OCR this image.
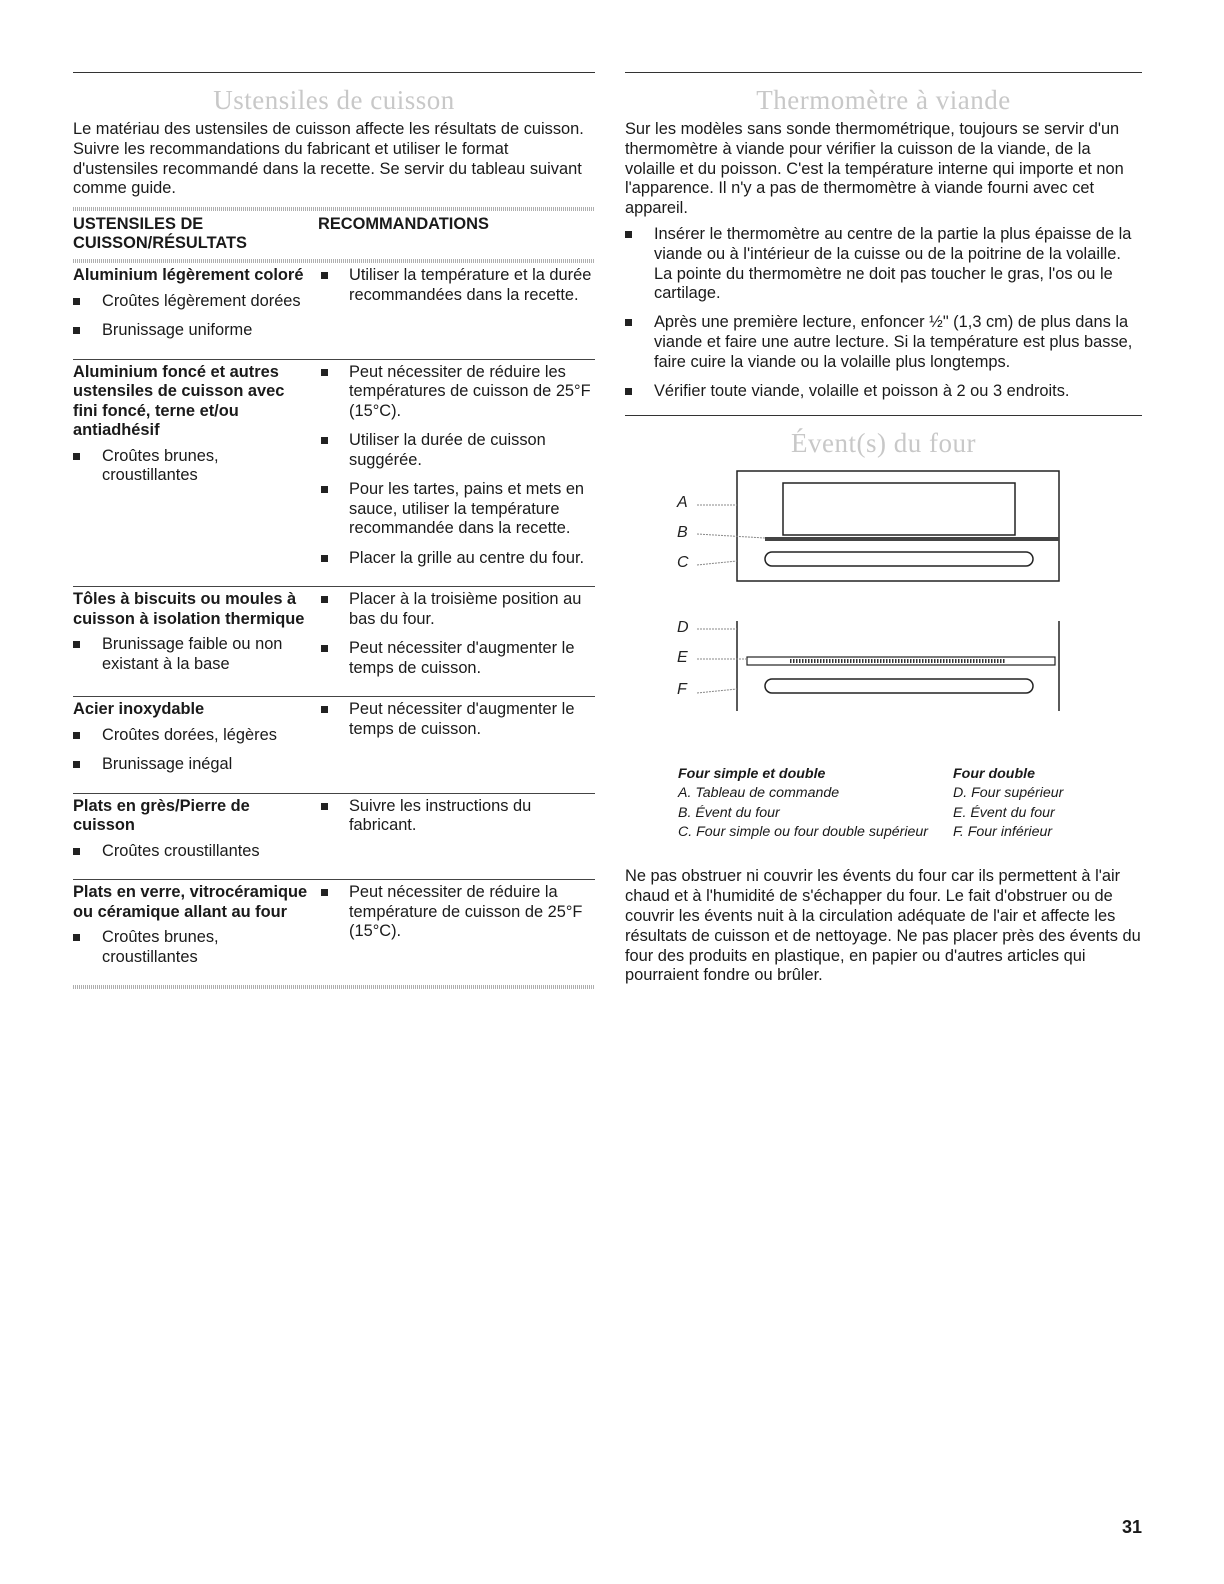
Ustensiles de cuisson

Le matériau des ustensiles de cuisson affecte les résultats de cuisson. Suivre les recommandations du fabricant et utiliser le format d'ustensiles recommandé dans la recette. Se servir du tableau suivant comme guide.

USTENSILES DE CUISSON/RÉSULTATS
RECOMMANDATIONS

Aluminium légèrement coloré

Croûtes légèrement dorées
Brunissage uniforme
Utiliser la température et la durée recommandées dans la recette.

Aluminium foncé et autres ustensiles de cuisson avec fini foncé, terne et/ou antiadhésif

Croûtes brunes, croustillantes
Peut nécessiter de réduire les températures de cuisson de 25°F (15°C).
Utiliser la durée de cuisson suggérée.
Pour les tartes, pains et mets en sauce, utiliser la température recommandée dans la recette.
Placer la grille au centre du four.

Tôles à biscuits ou moules à cuisson à isolation thermique

Brunissage faible ou non existant à la base
Placer à la troisième position au bas du four.
Peut nécessiter d'augmenter le temps de cuisson.

Acier inoxydable

Croûtes dorées, légères
Brunissage inégal
Peut nécessiter d'augmenter le temps de cuisson.

Plats en grès/Pierre de cuisson

Croûtes croustillantes
Suivre les instructions du fabricant.

Plats en verre, vitrocéramique ou céramique allant au four

Croûtes brunes, croustillantes
Peut nécessiter de réduire la température de cuisson de 25°F (15°C).
Thermomètre à viande

Sur les modèles sans sonde thermométrique, toujours se servir d'un thermomètre à viande pour vérifier la cuisson de la viande, de la volaille et du poisson. C'est la température interne qui importe et non l'apparence. Il n'y a pas de thermomètre à viande fourni avec cet appareil.

Insérer le thermomètre au centre de la partie la plus épaisse de la viande ou à l'intérieur de la cuisse ou de la poitrine de la volaille. La pointe du thermomètre ne doit pas toucher le gras, l'os ou le cartilage.
Après une première lecture, enfoncer ½" (1,3 cm) de plus dans la viande et faire une autre lecture. Si la température est plus basse, faire cuire la viande ou la volaille plus longtemps.
Vérifier toute viande, volaille et poisson à 2 ou 3 endroits.
Évent(s) du four
A
B
C
D
E
F

Four simple et double

A. Tableau de commande

B. Évent du four

C. Four simple ou four double supérieur

Four double

D. Four supérieur

E. Évent du four

F. Four inférieur

Ne pas obstruer ni couvrir les évents du four car ils permettent à l'air chaud et à l'humidité de s'échapper du four. Le fait d'obstruer ou de couvrir les évents nuit à la circulation adéquate de l'air et affecte les résultats de cuisson et de nettoyage. Ne pas placer près des évents du four des produits en plastique, en papier ou d'autres articles qui pourraient fondre ou brûler.

31
